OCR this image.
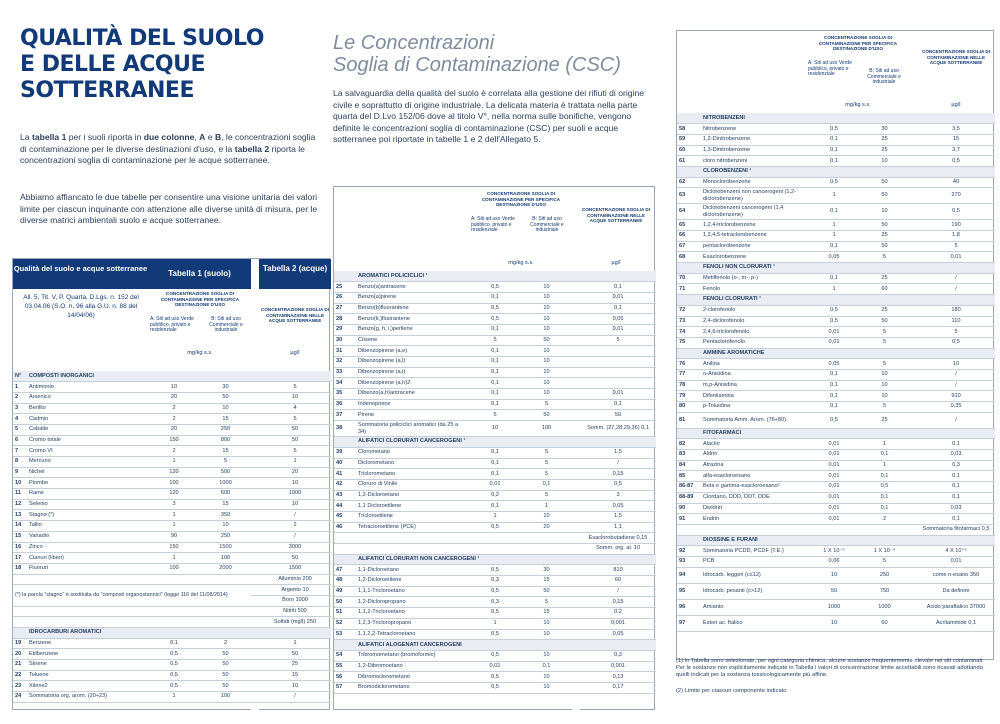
QUALITÀ DEL SUOLO
E DELLE ACQUE
SOTTERRANEE
Le Concentrazioni
Soglia di Contaminazione (CSC)
La tabella 1 per i suoli riporta in due colonne, A e B, le concentrazioni soglia di contaminazione per le diverse destinazioni d'uso, e la tabella 2 riporta le concentrazioni soglia di contaminazione per le acque sotterranee.
Abbiamo affiancato le due tabelle per consentire una visione unitaria dei valori limite per ciascun inquinante con attenzione alle diverse unità di misura, per le diverse matrici ambientali suolo e acque sotterranee.
La salvaguardia della qualità del suolo è correlata alla gestione dei rifiuti di origine civile e soprattutto di origine industriale. La delicata materia è trattata nella parte quarta del D.Lvo 152/06 dove al titolo V°, nella norma sulle bonifiche, vengono definite le concentrazioni soglia di contaminazione (CSC) per suoli e acque sotterranee poi riportate in tabelle 1 e 2 dell'Allegato 5.
Qualità del suolo e acque sotterranee
Tabella 1 (suolo)
Tabella 2 (acque)
All. 5, Tit. V, P. Quarta, D.Lgs. n. 152 del 03.04.06 (S.O. n. 96 alla G.U. n. 88 del 14/04/06)
CONCENTRAZIONE SOGLIA DI CONTAMINAZIONE PER SPECIFICA DESTINAZIONE D'USO
CONCENTRAZIONE SOGLIA DI CONTAMINAZIONE NELLE ACQUE SOTTERRANEE
A: Siti ad uso Verde pubblico, privato e residenziale
B: Siti ad uso Commerciale e industriale
mg/kg s.s.	µg/l
N°	COMPOSTI INORGANICI				
1	Antimonio	10	30		5
2	Arsenico	20	50		10
3	Berillio	2	10		4
4	Cadmio	2	15		5
5	Cobalto	20	250		50
6	Cromo totale	150	800		50
7	Cromo VI	2	15		5
8	Mercurio	1	5		1
9	Nichel	120	500		20
10	Piombo	100	1000		10
11	Rame	120	600		1000
12	Selenio	3	15		10
13	Stagno (*)	1	350		/
14	Tallio	1	10		2
15	Vanadio	90	250		/
16	Zinco	150	1500		3000
17	Cianuri (liberi)	1	100		50
18	Fluoruri	100	2000		1500
					Alluminio 200
(*) la parola "stagno" è sostituita da "composti organostannici" (legge 116 del 11/08/2014)					Argento 10
					Boro 1000
					Nitriti 500
					Solfati (mg/l) 250
	IDROCARBURI AROMATICI				
19	Benzene	0,1	2		1
20	Etilbenzene	0,5	50		50
21	Stirene	0,5	50		25
22	Toluene	0,5	50		15
23	Xilene2	0,5	50		10
24	Sommatoria org. arom. (20÷23)	1	100		/
CONCENTRAZIONE SOGLIA DI CONTAMINAZIONE PER SPECIFICA DESTINAZIONE D'USO
CONCENTRAZIONE SOGLIA DI CONTAMINAZIONE NELLE ACQUE SOTTERRANEE
A: Siti ad uso Verde pubblico, privato e residenziale
B: Siti ad uso Commerciale e industriale
mg/kg s.s.	µg/l
	AROMATICI POLICICLICI ¹				
25	Benzo(a)antracene	0,5	10		0,1
26	Benzo(a)pirene	0,1	10		0,01
27	Benzo(b)fluorantene	0,5	10		0,1
28	Benzo(k,)fluorantene	0,5	10		0,05
29	Benzo(g, h, i,)perilene	0,1	10		0,01
30	Crisene	5	50		5
31	Dibenzopirene (a,e)	0,1	10		
32	Dibenzopirene (a,l)	0,1	10		
33	Dibenzopirene (a,i)	0,1	10		
34	Dibenzopirene (a,h)2	0,1	10		
35	Dibenzo(a,h)antracene	0,1	10		0,01
36	Indenopirene	0,1	5		0,1
37	Pirene	5	50		50
38	Sommatoria policiclici aromatici (da 25 a 34)	10	100		Somm. (27,28,29,36) 0,1
	ALIFATICI CLORURATI CANCEROGENI ¹				
39	Clorometano	0,1	5		1,5
40	Diclorometano	0,1	5		/
41	Triclorometano	0,1	5		0,15
42	Cloruro di Vinile	0,01	0,1		0,5
43	1,2-Dicloroetano	0,2	5		3
44	1,1 Dicloroetilene	0,1	1		0,05
45	Tricloroetilene	1	10		1,5
46	Tetracloroetilene (PCE)	0,5	20		1,1
					Esaclorobutadiene 0,15
					Somm. org. al. 10
	ALIFATICI CLORURATI NON CANCEROGENI ¹				
47	1,1-Dicloroetano	0,5	30		810
48	1,2-Dicloroetilene	0,3	15		60
49	1,1,1-Tricloroetano	0,5	50		/
50	1,2-Dicloropropano	0,3	5		0,15
51	1,1,2-Tricloroetano	0,5	15		0,2
52	1,2,3-Tricloropropano	1	10		0,001
53	1,1,2,2-Tetracloroetano	0,5	10		0,05
	ALIFATICI ALOGENATI CANCEROGENI				
54	Tribromometano (bromoformio)	0,5	10		0,3
55	1,2-Dibromoetano	0,01	0,1		0,001
56	Dibromoclorometano	0,5	10		0,13
57	Bromodiclorometano	0,5	10		0,17
CONCENTRAZIONE SOGLIA DI CONTAMINAZIONE PER SPECIFICA DESTINAZIONE D'USO
CONCENTRAZIONE SOGLIA DI CONTAMINAZIONE NELLE ACQUE SOTTERRANEE
A: Siti ad uso Verde pubblico, privato e residenziale
B: Siti ad uso Commerciale e industriale
mg/kg s.s.	µg/l
	NITROBENZENI				
58	Nitrobenzene	0,5	30		3,5
59	1,2-Dinitrobenzene	0,1	25		15
60	1,3-Dinitrobenzene	0,1	25		3,7
61	cloro nitrobenzeni	0,1	10		0,5
	CLOROBENZENI ¹				
62	Monoclorobenzene	0,5	50		40
63	Diclorobenzeni non cancerogeni (1,2-diclorobenzene)	1	50		270
64	Diclorobenzeni cancerogeni (1,4 diclorobenzene)	0,1	10		0,5
65	1,2,4-triclorobenzene	1	50		190
66	1,2,4,5-tetraclorobenzene	1	25		1,8
67	pentaclorobenzene	0,1	50		5
68	Esaclorobenzene	0,05	5		0,01
	FENOLI NON CLORURATI ¹				
70	Metilfenolo (o-, m-, p-)	0,1	25		/
71	Fenolo	1	60		/
	FENOLI CLORURATI ¹				
72	2-clorofenolo	0,5	25		180
73	2,4-diclorofenolo	0,5	50		110
74	2,4,6-triclorofenolo	0,01	5		5
75	Pentaclorofenolo	0,01	5		0,5
	AMMINE AROMATICHE				
76	Anilina	0,05	5		10
77	o-Anisidina	0,1	10		/
78	m,p-Anisidina	0,1	10		/
79	Difenilamina	0,1	10		910
80	p-Toluidina	0,1	5		0,35
81	Sommatoria Amm. Arom. (76÷80)	0,5	25		/
	FITOFARMACI				
82	Alaclor	0,01	1		0,1
83	Aldrin	0,01	0,1		0,03
84	Atrazina	0,01	1		0,3
85	alfa-esacloroesano	0,01	0,1		0,1
86-87	Beta e gamma-esacloroesano²	0,01	0,5		0,1
88-89	Clordano, DDD, DDT, DDE	0,01	0,1		0,1
90	Dieldrin	0,01	0,1		0,03
91	Endrin	0,01	2		0,1
					Sommatoria fitofarmaci 0,5
	DIOSSINE E FURANI				
92	Sommatoria PCDD, PCDF (T.E.)	1 X 10⁻⁵	1 X 10⁻⁴		4 X 10⁻⁶
93	PCB	0,06	5		0,01
94	Idrocarb. leggeri (c≤12)	10	250		come n-esano 350
95	Idrocarb. pesanti (c>12)	50	750		Da definire
96	Amianto	1000	1000		Acido paraftalico 37000
97	Esteri ac. ftalico	10	60		Acrilammide 0,1
(1) In Tabella sono selezionate, per ogni categoria chimica, alcune sostanze frequentemente rilevate nei siti contaminati. Per le sostanze non esplicitamente indicate in Tabella i valori di concentrazione limite accettabili sono ricavati adottando quelli indicati per la sostanza tossicologicamente più affine.
(2) Limite per ciascun componente indicato
